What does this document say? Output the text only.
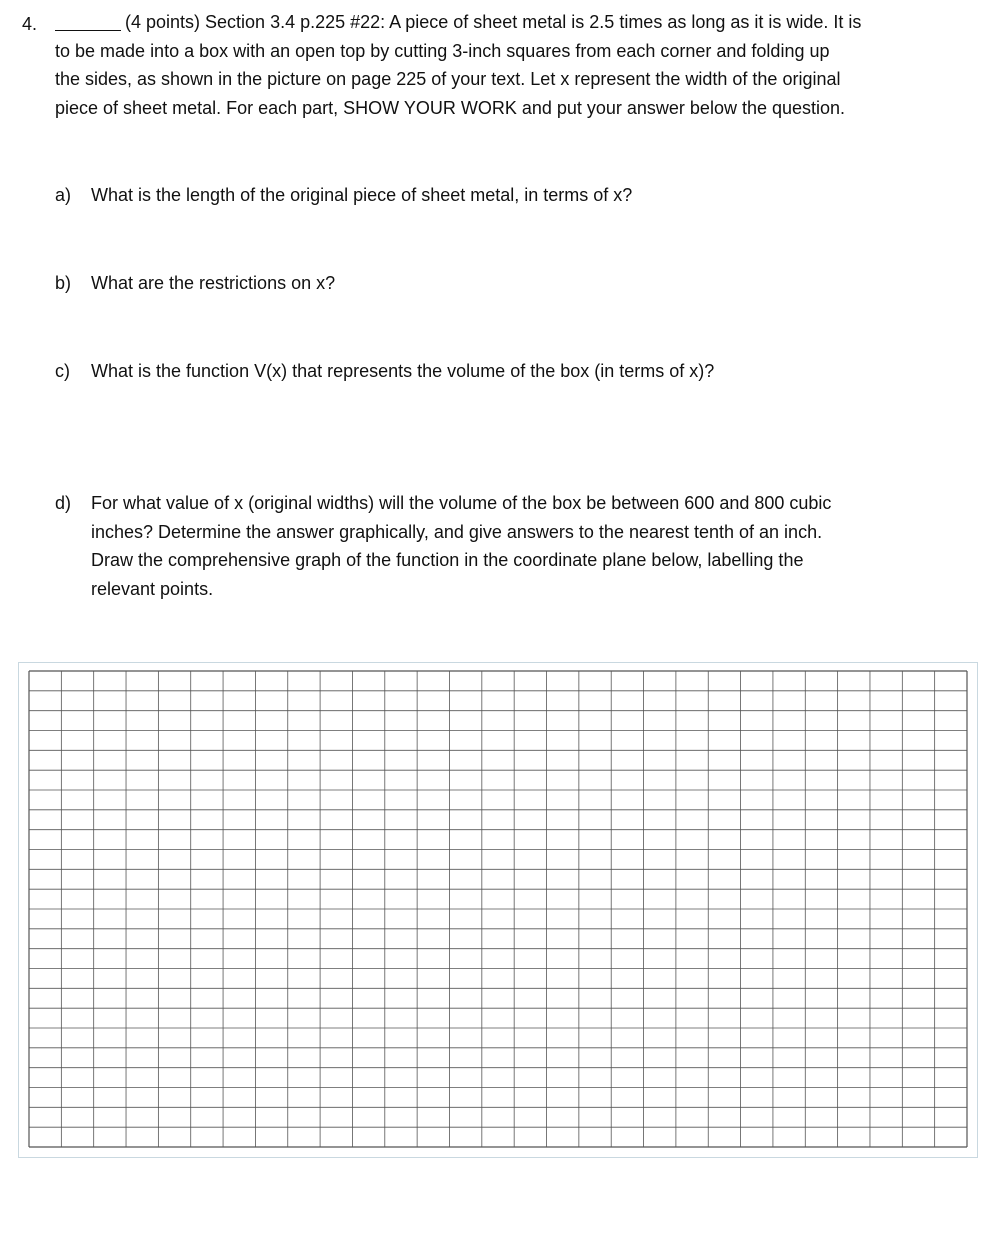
4.	(4 points) Section 3.4 p.225 #22: A piece of sheet metal is 2.5 times as long as it is wide. It is
to be made into a box with an open top by cutting 3-inch squares from each corner and folding up
the sides, as shown in the picture on page 225 of your text. Let x represent the width of the original
piece of sheet metal. For each part, SHOW YOUR WORK and put your answer below the question.
a) What is the length of the original piece of sheet metal, in terms of x?
b) What are the restrictions on x?
c) What is the function V(x) that represents the volume of the box (in terms of x)?
d) For what value of x (original widths) will the volume of the box be between 600 and 800 cubic
inches? Determine the answer graphically, and give answers to the nearest tenth of an inch.
Draw the comprehensive graph of the function in the coordinate plane below, labelling the
relevant points.
